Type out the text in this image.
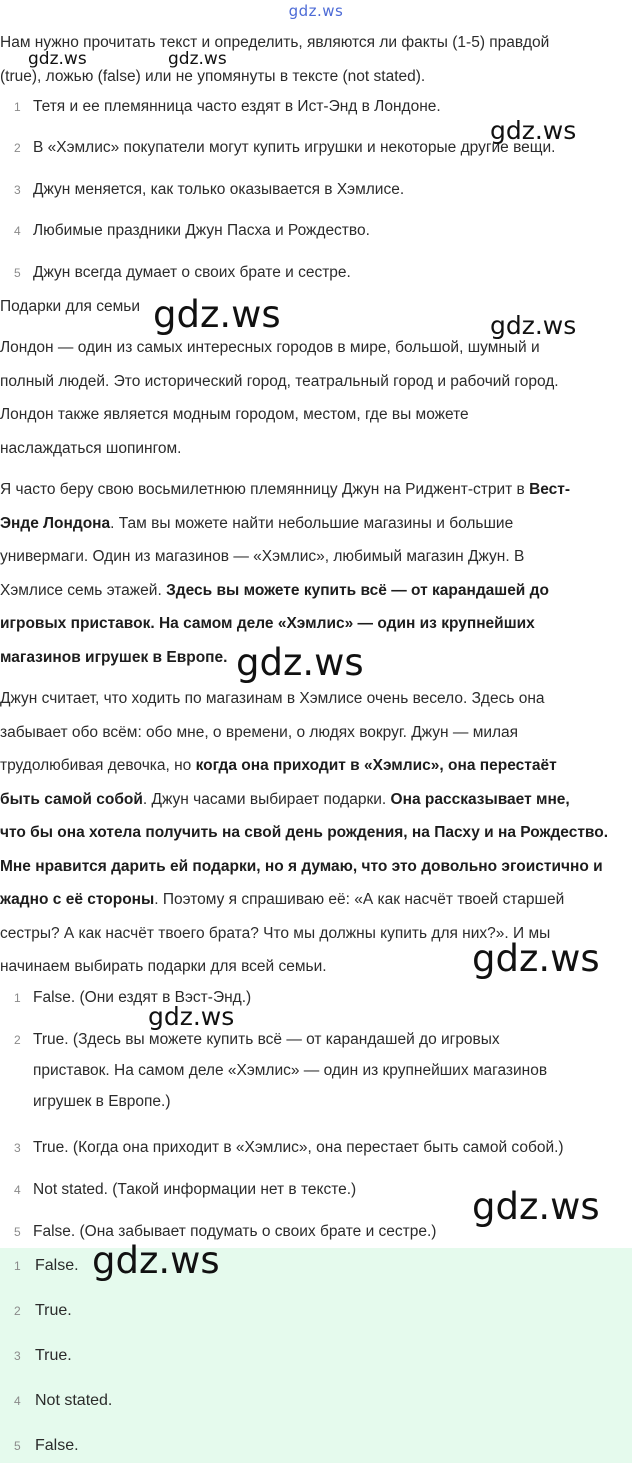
gdz.ws
Нам нужно прочитать текст и определить, являются ли факты (1-5) правдой
(true), ложью (false) или не упомянуты в тексте (not stated).
1 Тетя и ее племянница часто ездят в Ист-Энд в Лондоне.
2 В «Хэмлис» покупатели могут купить игрушки и некоторые другие вещи.
3 Джун меняется, как только оказывается в Хэмлисе.
4 Любимые праздники Джун Пасха и Рождество.
5 Джун всегда думает о своих брате и сестре.
Подарки для семьи
Лондон — один из самых интересных городов в мире, большой, шумный и
полный людей. Это исторический город, театральный город и рабочий город.
Лондон также является модным городом, местом, где вы можете
наслаждаться шопингом.
Я часто беру свою восьмилетнюю племянницу Джун на Риджент-стрит в Вест-
Энде Лондона. Там вы можете найти небольшие магазины и большие
универмаги. Один из магазинов — «Хэмлис», любимый магазин Джун. В
Хэмлисе семь этажей. Здесь вы можете купить всё — от карандашей до
игровых приставок. На самом деле «Хэмлис» — один из крупнейших
магазинов игрушек в Европе.
Джун считает, что ходить по магазинам в Хэмлисе очень весело. Здесь она
забывает обо всём: обо мне, о времени, о людях вокруг. Джун — милая
трудолюбивая девочка, но когда она приходит в «Хэмлис», она перестаёт
быть самой собой. Джун часами выбирает подарки. Она рассказывает мне,
что бы она хотела получить на свой день рождения, на Пасху и на Рождество.
Мне нравится дарить ей подарки, но я думаю, что это довольно эгоистично и
жадно с её стороны. Поэтому я спрашиваю её: «А как насчёт твоей старшей
сестры? А как насчёт твоего брата? Что мы должны купить для них?». И мы
начинаем выбирать подарки для всей семьи.
1 False. (Они ездят в Вэст-Энд.)
2 True. (Здесь вы можете купить всё — от карандашей до игровых
приставок. На самом деле «Хэмлис» — один из крупнейших магазинов
игрушек в Европе.)
3 True. (Когда она приходит в «Хэмлис», она перестает быть самой собой.)
4 Not stated. (Такой информации нет в тексте.)
5 False. (Она забывает подумать о своих брате и сестре.)
1 False.
2 True.
3 True.
4 Not stated.
5 False.
gdz.ws	gdz.ws
gdz.ws
gdz.ws	gdz.ws
gdz.ws
gdz.ws
gdz.ws
gdz.ws
gdz.ws
